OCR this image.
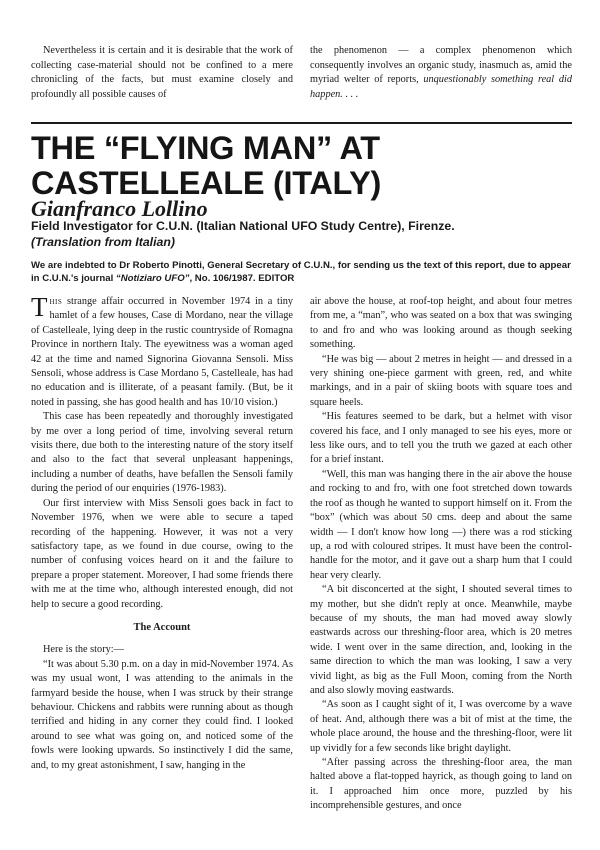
Nevertheless it is certain and it is desirable that the work of collecting case-material should not be confined to a mere chronicling of the facts, but must examine closely and profoundly all possible causes of

the phenomenon — a complex phenomenon which consequently involves an organic study, inasmuch as, amid the myriad welter of reports, unquestionably something real did happen. . . .

THE “FLYING MAN” AT CASTELLEALE (ITALY)
Gianfranco Lollino
Field Investigator for C.U.N. (Italian National UFO Study Centre), Firenze.
(Translation from Italian)
We are indebted to Dr Roberto Pinotti, General Secretary of C.U.N., for sending us the text of this report, due to appear in C.U.N.'s journal “Notiziaro UFO”, No. 106/1987. EDITOR

This strange affair occurred in November 1974 in a tiny hamlet of a few houses, Case di Mordano, near the village of Castelleale, lying deep in the rustic countryside of Romagna Province in northern Italy. The eyewitness was a woman aged 42 at the time and named Signorina Giovanna Sensoli. Miss Sensoli, whose address is Case Mordano 5, Castelleale, has had no education and is illiterate, of a peasant family. (But, be it noted in passing, she has good health and has 10/10 vision.)

This case has been repeatedly and thoroughly investigated by me over a long period of time, involving several return visits there, due both to the interesting nature of the story itself and also to the fact that several unpleasant happenings, including a number of deaths, have befallen the Sensoli family during the period of our enquiries (1976-1983).

Our first interview with Miss Sensoli goes back in fact to November 1976, when we were able to secure a taped recording of the happening. However, it was not a very satisfactory tape, as we found in due course, owing to the number of confusing voices heard on it and the failure to prepare a proper statement. Moreover, I had some friends there with me at the time who, although interested enough, did not help to secure a good recording.

The Account

Here is the story:—

“It was about 5.30 p.m. on a day in mid-November 1974. As was my usual wont, I was attending to the animals in the farmyard beside the house, when I was struck by their strange behaviour. Chickens and rabbits were running about as though terrified and hiding in any corner they could find. I looked around to see what was going on, and noticed some of the fowls were looking upwards. So instinctively I did the same, and, to my great astonishment, I saw, hanging in the

air above the house, at roof-top height, and about four metres from me, a “man”, who was seated on a box that was swinging to and fro and who was looking around as though seeking something.

“He was big — about 2 metres in height — and dressed in a very shining one-piece garment with green, red, and white markings, and in a pair of skiing boots with square toes and square heels.

“His features seemed to be dark, but a helmet with visor covered his face, and I only managed to see his eyes, more or less like ours, and to tell you the truth we gazed at each other for a brief instant.

“Well, this man was hanging there in the air above the house and rocking to and fro, with one foot stretched down towards the roof as though he wanted to support himself on it. From the “box” (which was about 50 cms. deep and about the same width — I don't know how long —) there was a rod sticking up, a rod with coloured stripes. It must have been the control-handle for the motor, and it gave out a sharp hum that I could hear very clearly.

“A bit disconcerted at the sight, I shouted several times to my mother, but she didn't reply at once. Meanwhile, maybe because of my shouts, the man had moved away slowly eastwards across our threshing-floor area, which is 20 metres wide. I went over in the same direction, and, looking in the same direction to which the man was looking, I saw a very vivid light, as big as the Full Moon, coming from the North and also slowly moving eastwards.

“As soon as I caught sight of it, I was overcome by a wave of heat. And, although there was a bit of mist at the time, the whole place around, the house and the threshing-floor, were lit up vividly for a few seconds like bright daylight.

“After passing across the threshing-floor area, the man halted above a flat-topped hayrick, as though going to land on it. I approached him once more, puzzled by his incomprehensible gestures, and once
